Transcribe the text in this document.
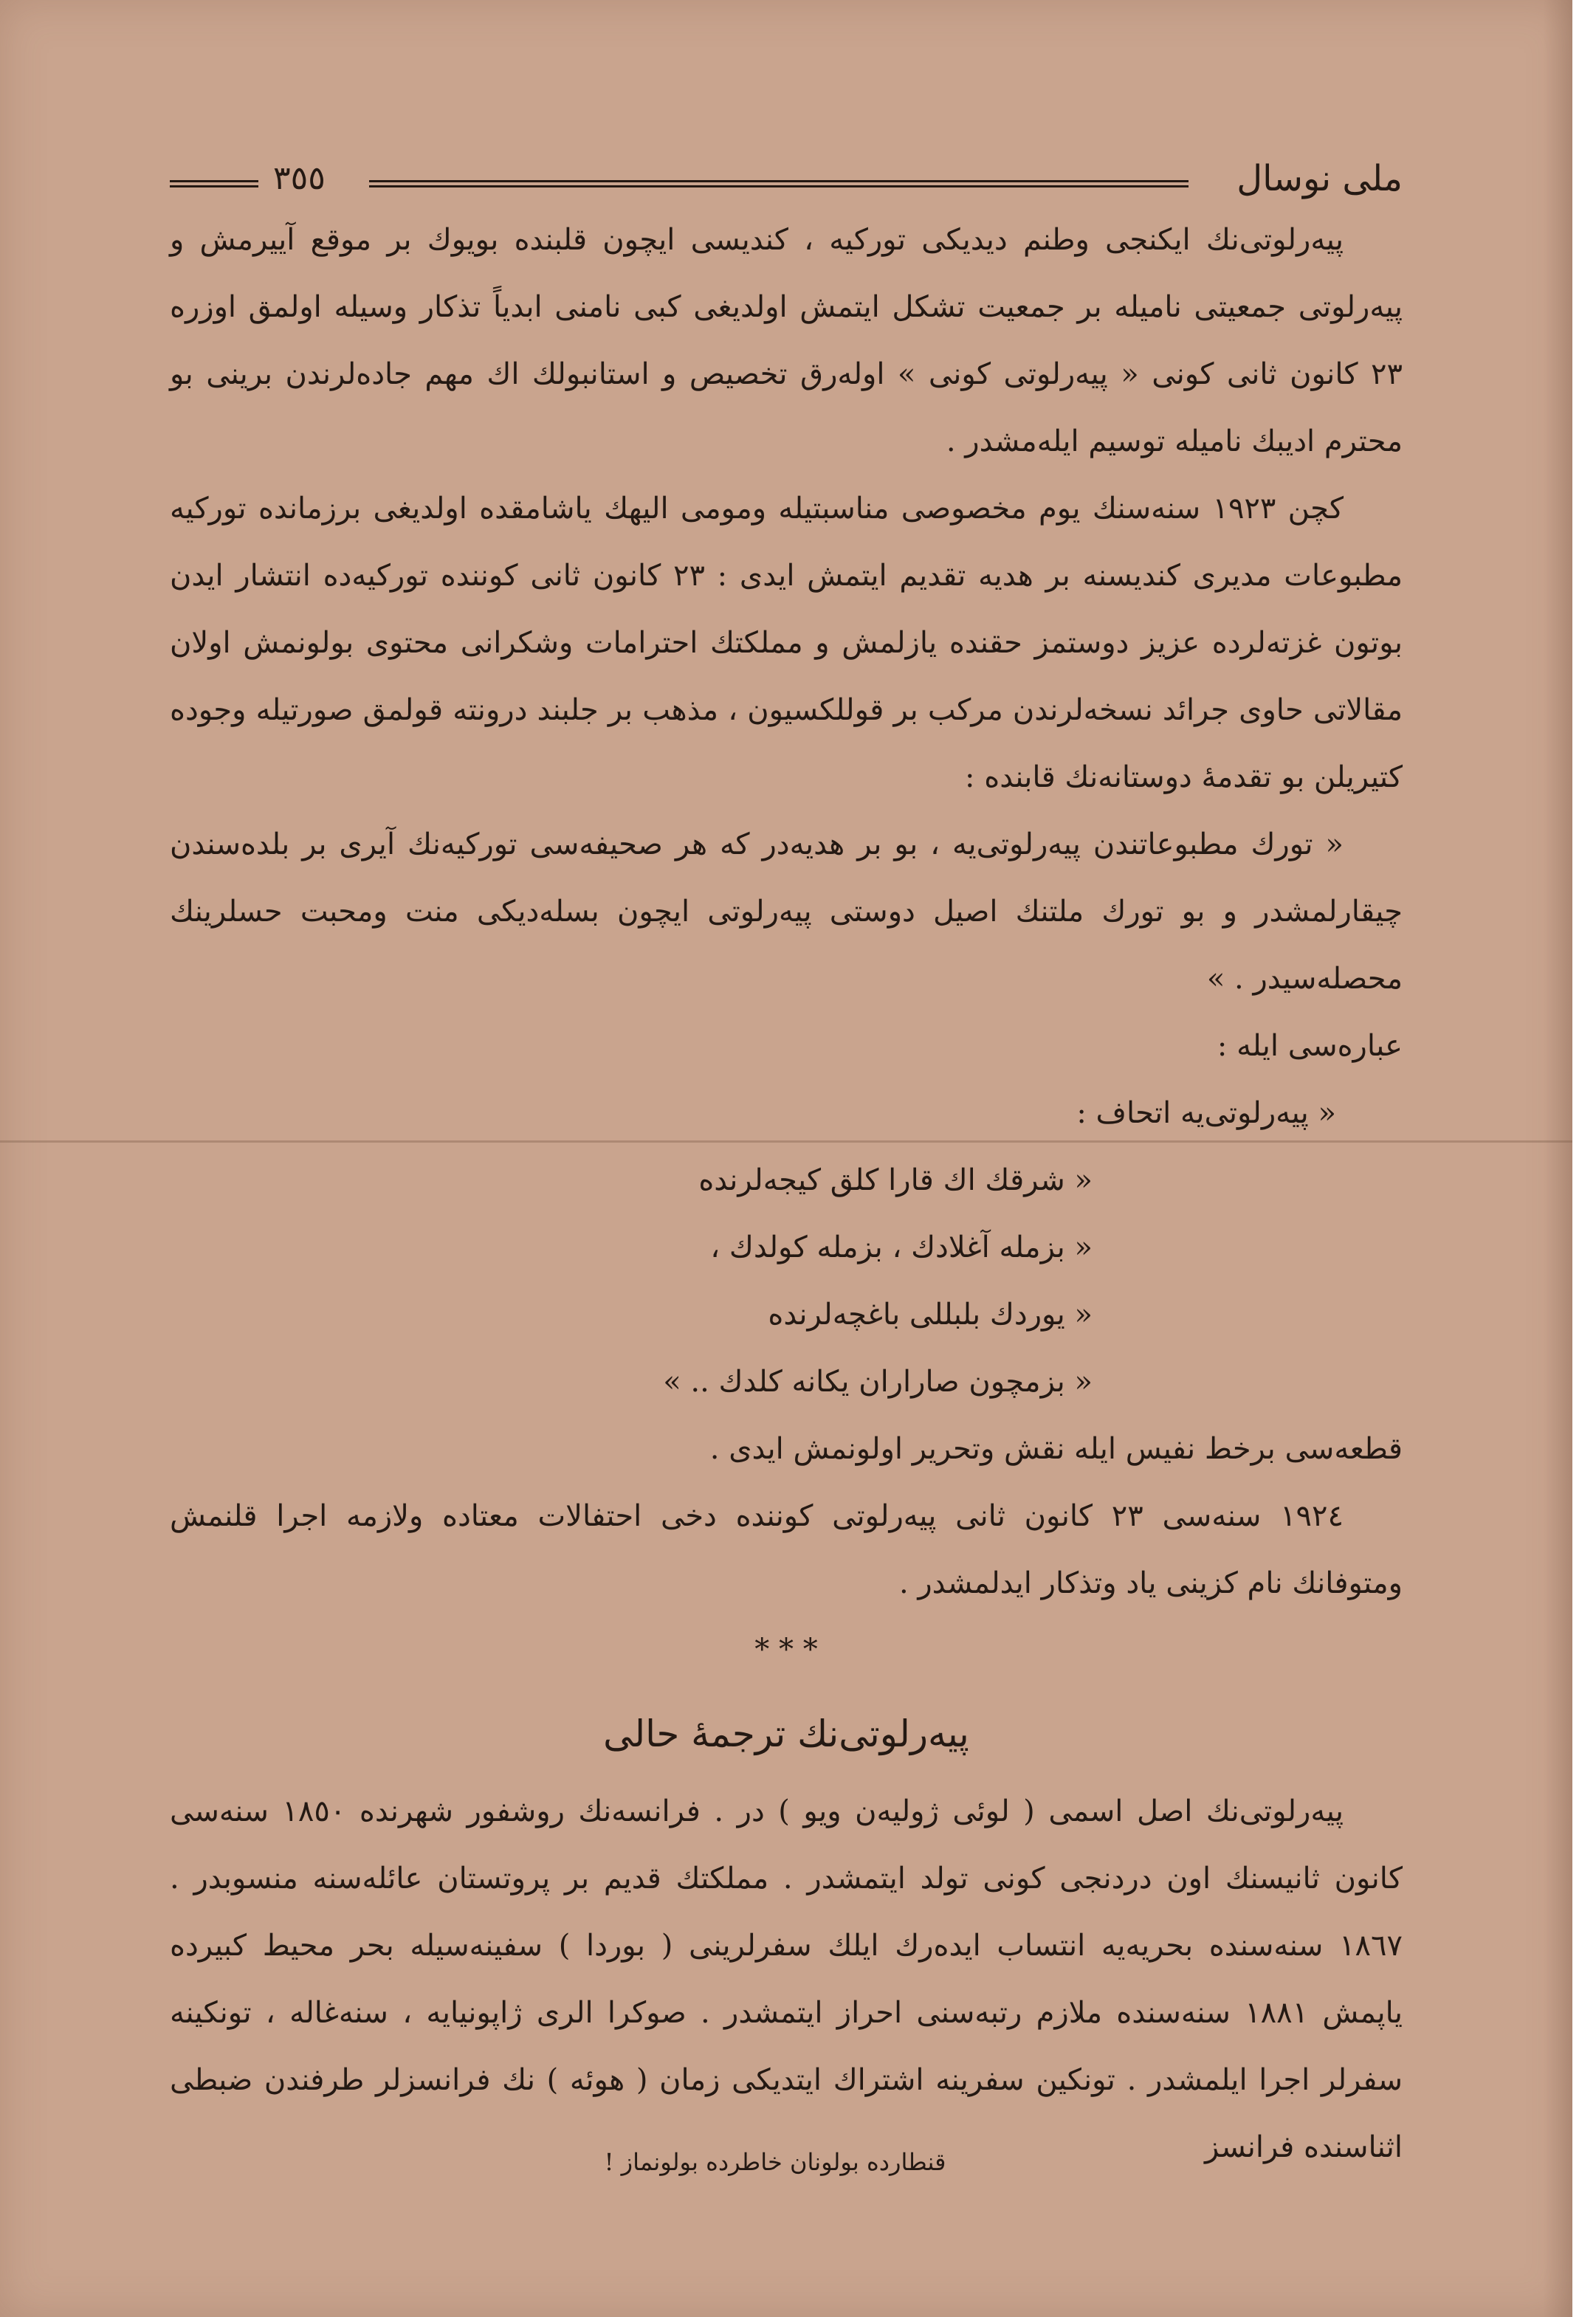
٣٥٥	ملی نوسال

پیه‌رلوتی‌نك ایكنجی وطنم دیدیكی توركیه ، كندیسی ایچون قلبنده بویوك بر موقع آییرمش و پیه‌رلوتی جمعیتی نامیله بر جمعیت تشكل ایتمش اولدیغی كبی نامنی ابدیاً تذكار وسیله اولمق اوزره ٢٣ كانون ثانی كونی « پیه‌رلوتی كونی » اوله‌رق تخصیص و استانبولك اك مهم جاده‌لرندن برینی بو محترم ادیبك نامیله توسیم ایله‌مشدر .

كچن ١٩٢٣ سنه‌سنك یوم مخصوصی مناسبتیله ومومی الیهك یاشامقده اولدیغی برزمانده توركیه مطبوعات مدیری كندیسنه بر هدیه تقدیم ایتمش ایدی : ٢٣ كانون ثانی كوننده توركیه‌ده انتشار ایدن بوتون غزته‌لرده عزیز دوستمز حقنده یازلمش و مملكتك احترامات وشكرانی محتوی بولونمش اولان مقالاتی حاوی جرائد نسخه‌لرندن مركب بر قوللكسیون ، مذهب بر جلبند درونته قولمق صورتیله وجوده كتیریلن بو تقدمهٔ دوستانه‌نك قابنده :

« تورك مطبوعاتندن پیه‌رلوتی‌یه ، بو بر هدیه‌در كه هر صحیفه‌سی توركیه‌نك آیری بر بلده‌سندن چیقارلمشدر و بو تورك ملتنك اصیل دوستی پیه‌رلوتی ایچون بسله‌دیكی منت ومحبت حسلرینك محصله‌سیدر . »

عباره‌سی ایله :

« پیه‌رلوتی‌یه اتحاف :

« شرقك اك قارا كلق كیجه‌لرنده

« بزمله آغلادك ، بزمله كولدك ،

« یوردك بلبللی باغچه‌لرنده

« بزمچون صاراران یكانه كلدك .. »

قطعه‌سی برخط نفیس ایله نقش وتحریر اولونمش ایدی .

١٩٢٤ سنه‌سی ٢٣ كانون ثانی پیه‌رلوتی كوننده دخی احتفالات معتاده ولازمه اجرا قلنمش ومتوفانك نام كزینی یاد وتذكار ایدلمشدر .

* * *
پیه‌رلوتی‌نك ترجمهٔ حالی

پیه‌رلوتی‌نك اصل اسمی ( لوئی ژولیه‌ن ویو ) در . فرانسه‌نك روشفور شهرنده ١٨٥٠ سنه‌سی كانون ثانیسنك اون دردنجی كونی تولد ایتمشدر . مملكتك قدیم بر پروتستان عائله‌سنه منسوبدر . ١٨٦٧ سنه‌سنده بحریه‌یه انتساب ایده‌رك ایلك سفرلرینی ( بوردا ) سفینه‌سیله بحر محیط كبیرده یاپمش ١٨٨١ سنه‌سنده ملازم رتبه‌سنی احراز ایتمشدر . صوكرا الری ژاپونیایه ، سنه‌غاله ، تونكینه سفرلر اجرا ایلمشدر . تونكین سفرینه اشتراك ایتدیكی زمان ( هوئه ) نك فرانسزلر طرفندن ضبطی اثناسنده فرانسز

قنطارده بولونان خاطرده بولونماز !
